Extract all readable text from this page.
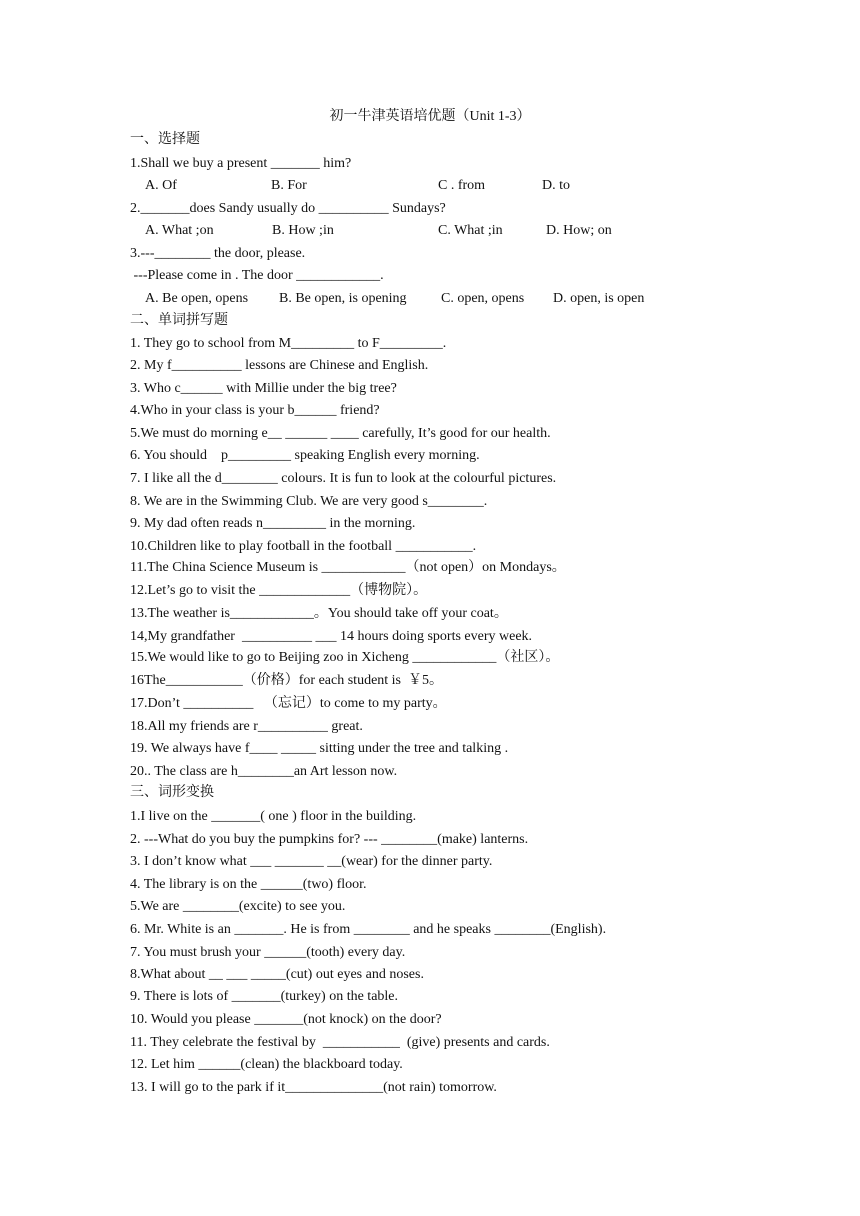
初一牛津英语培优题（Unit 1-3）
一、选择题
1.Shall we buy a present _______ him?
A. Of	B. For	C . from	D. to
2._______does Sandy usually do __________ Sundays?
A. What ;on	B. How ;in	C. What ;in	D. How; on
3.---________ the door, please.
---Please come in . The door ____________.
A. Be open, opens B. Be open, is opening C. open, opens D. open, is open
二、单词拼写题
1. They go to school from M_________ to F_________.
2. My f__________ lessons are Chinese and English.
3. Who c______ with Millie under the big tree?
4.Who in your class is your b______ friend?
5.We must do morning e__ ______ ____ carefully, It’s good for our health.
6. You should    p_________ speaking English every morning.
7. I like all the d________ colours. It is fun to look at the colourful pictures.
8. We are in the Swimming Club. We are very good s________.
9. My dad often reads n_________ in the morning.
10.Children like to play football in the football ___________.
11.The China Science Museum is ____________（not open）on Mondays。
12.Let’s go to visit the _____________（博物院）。
13.The weather is____________。You should take off your coat。
14,My grandfather  __________ ___ 14 hours doing sports every week.
15.We would like to go to Beijing zoo in Xicheng ____________（社区）。
16The___________（价格）for each student is  ￥5。
17.Don’t __________   （忘记）to come to my party。
18.All my friends are r__________ great.
19. We always have f____ _____ sitting under the tree and talking .
20.. The class are h________an Art lesson now.
三、词形变换
1.I live on the _______( one ) floor in the building.
2. ---What do you buy the pumpkins for? --- ________(make) lanterns.
3. I don’t know what ___ _______ __(wear) for the dinner party.
4. The library is on the ______(two) floor.
5.We are ________(excite) to see you.
6. Mr. White is an _______. He is from ________ and he speaks ________(English).
7. You must brush your ______(tooth) every day.
8.What about __ ___ _____(cut) out eyes and noses.
9. There is lots of _______(turkey) on the table.
10. Would you please _______(not knock) on the door?
11. They celebrate the festival by  ___________  (give) presents and cards.
12. Let him ______(clean) the blackboard today.
13. I will go to the park if it______________(not rain) tomorrow.
